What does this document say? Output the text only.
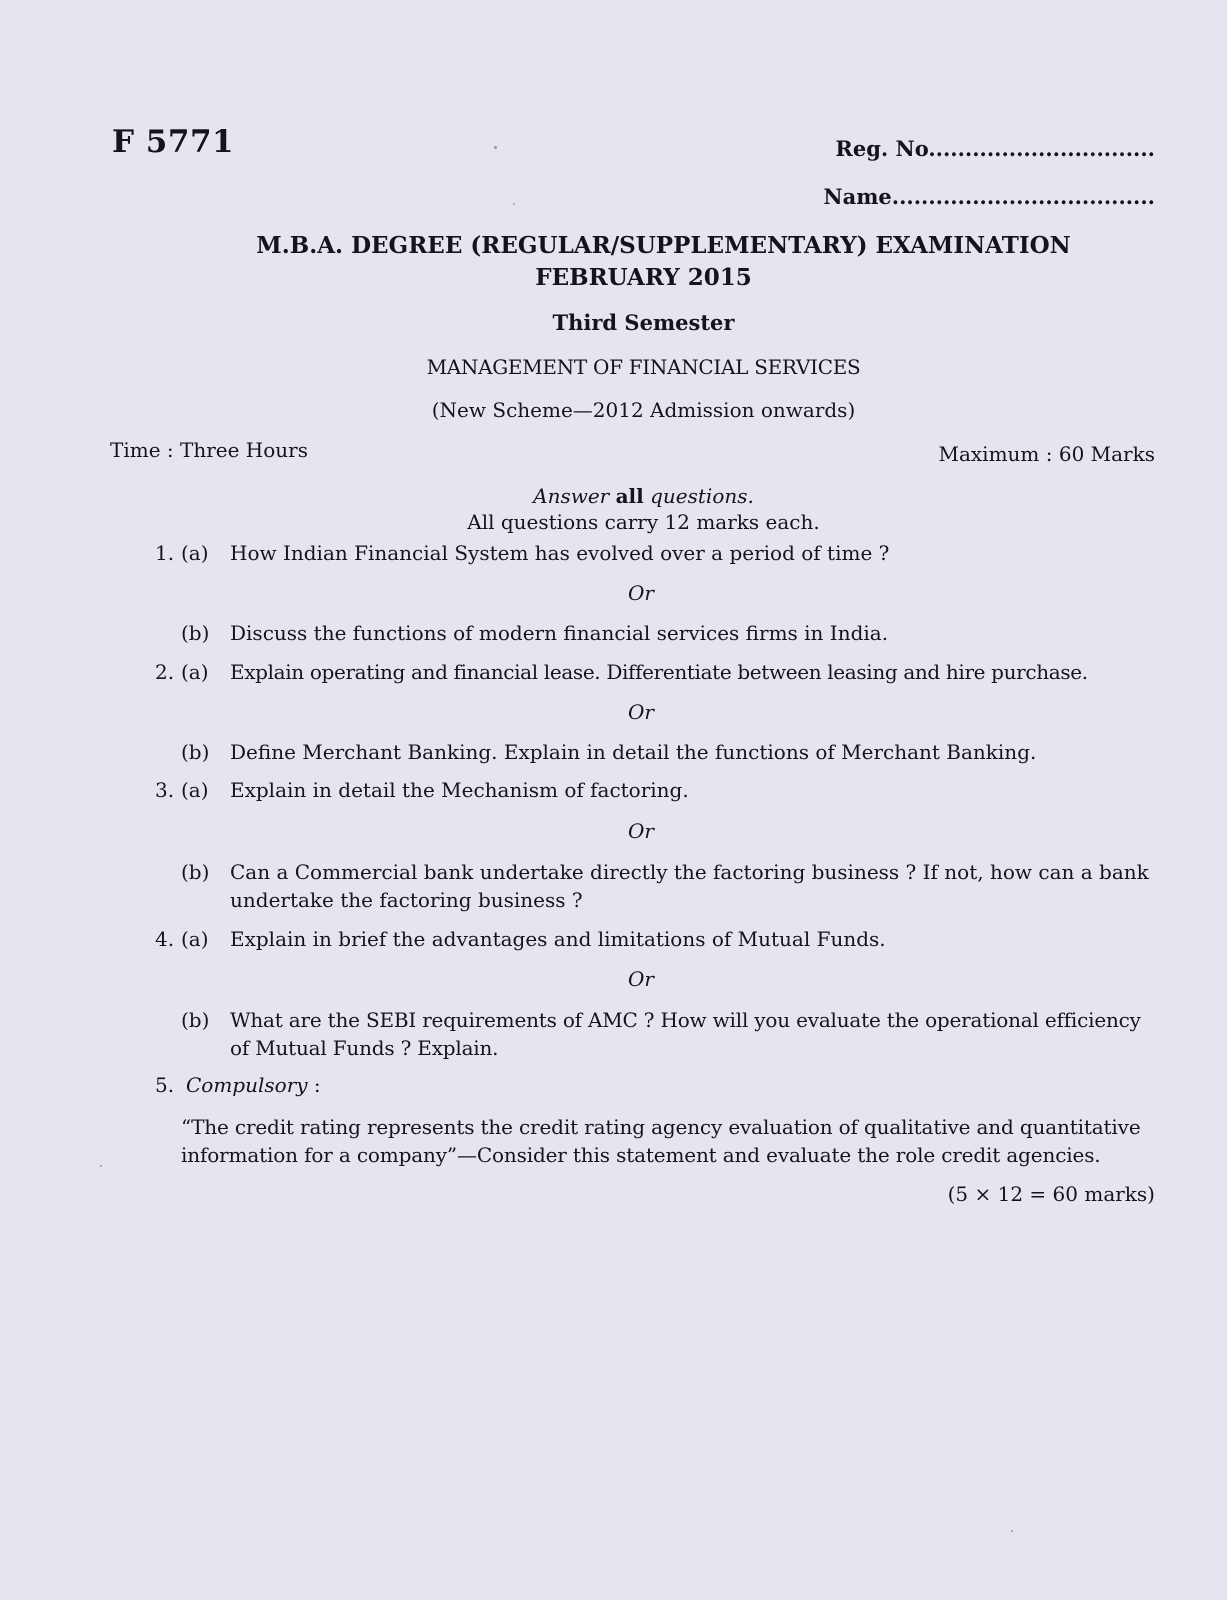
F 5771	Reg. No...............................
Name....................................
M.B.A. DEGREE (REGULAR/SUPPLEMENTARY) EXAMINATION
FEBRUARY 2015
Third Semester
MANAGEMENT OF FINANCIAL SERVICES
(New Scheme—2012 Admission onwards)
Time : Three Hours	Maximum : 60 Marks
Answer all questions.
All questions carry 12 marks each.
1. (a) How Indian Financial System has evolved over a period of time ?
Or
(b) Discuss the functions of modern financial services firms in India.
2. (a) Explain operating and financial lease. Differentiate between leasing and hire purchase.
Or
(b) Define Merchant Banking. Explain in detail the functions of Merchant Banking.
3. (a) Explain in detail the Mechanism of factoring.
Or
(b) Can a Commercial bank undertake directly the factoring business ? If not, how can a bank undertake the factoring business ?
4. (a) Explain in brief the advantages and limitations of Mutual Funds.
Or
(b) What are the SEBI requirements of AMC ? How will you evaluate the operational efficiency of Mutual Funds ? Explain.
5. Compulsory :
“The credit rating represents the credit rating agency evaluation of qualitative and quantitative information for a company”—Consider this statement and evaluate the role credit agencies.
(5 × 12 = 60 marks)
